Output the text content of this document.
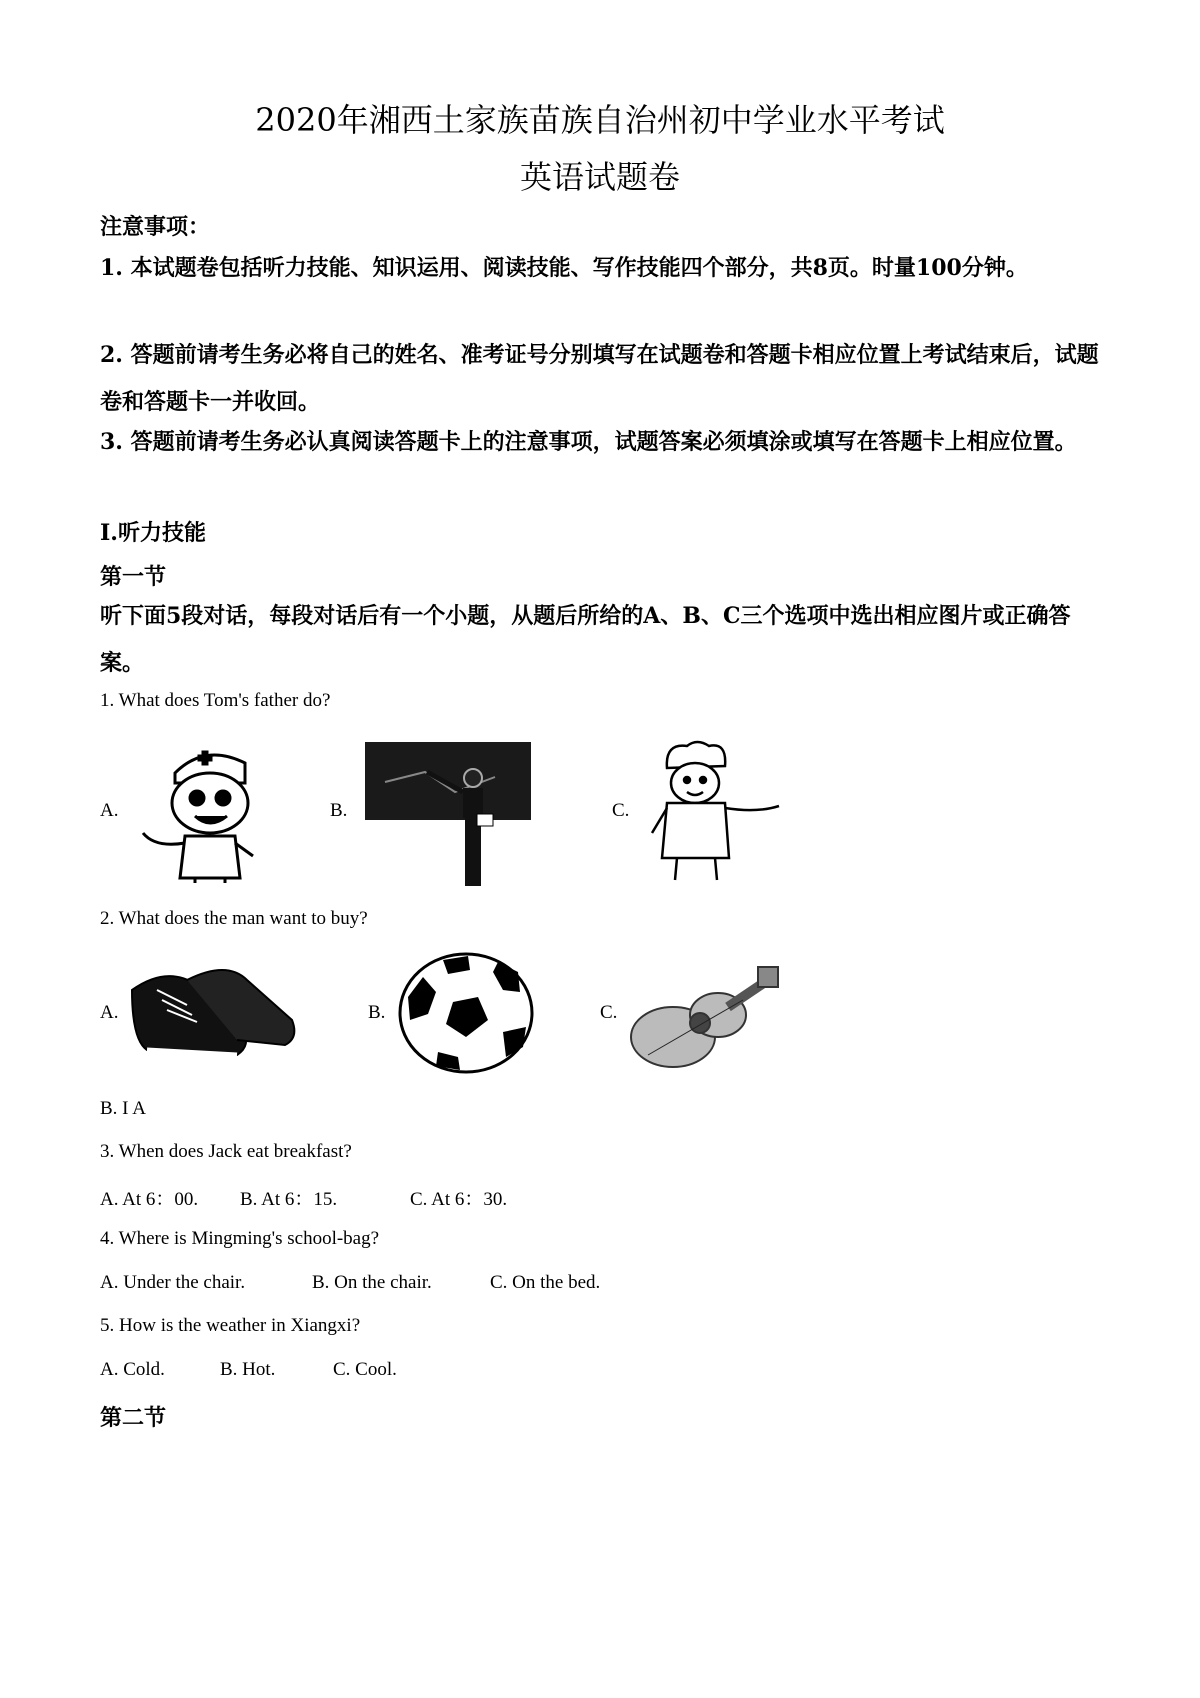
2020年湘西土家族苗族自治州初中学业水平考试
英语试题卷
注意事项：
1. 本试题卷包括听力技能、知识运用、阅读技能、写作技能四个部分，共8页。时量100分钟。
2. 答题前请考生务必将自己的姓名、准考证号分别填写在试题卷和答题卡相应位置上考试结束后，试题卷和答题卡一并收回。
3. 答题前请考生务必认真阅读答题卡上的注意事项，试题答案必须填涂或填写在答题卡上相应位置。
I.听力技能
第一节
听下面5段对话，每段对话后有一个小题，从题后所给的A、B、C三个选项中选出相应图片或正确答案。
1. What does Tom's father do?
A.	B.	C.
2. What does the man want to buy?
A.	B.	C.
B. I A
3. When does Jack eat breakfast?
A. At 6：00. B. At 6：15.	C. At 6：30.
4. Where is Mingming's school-bag?
A. Under the chair.	B. On the chair.	C. On the bed.
5. How is the weather in Xiangxi?
A. Cold.	B. Hot.	C. Cool.
第二节
